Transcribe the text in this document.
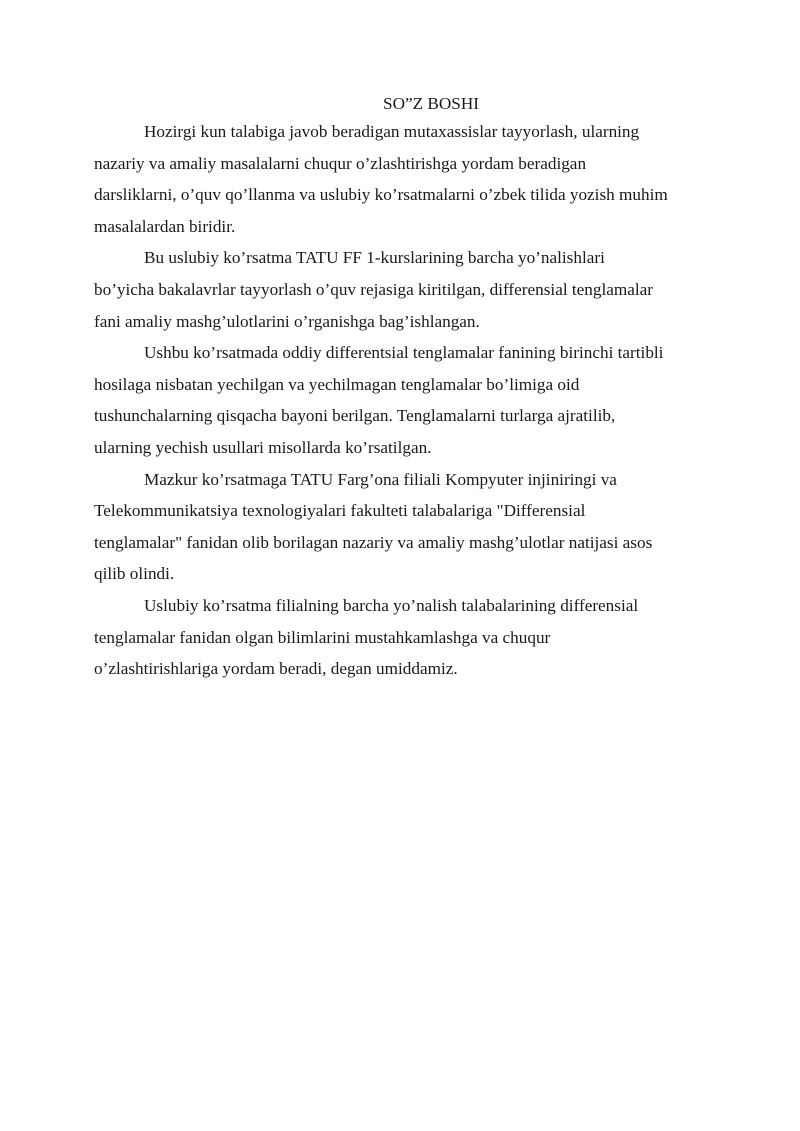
SO”Z BOSHI

Hozirgi kun talabiga javob beradigan mutaxassislar tayyorlash, ularning
nazariy va amaliy masalalarni chuqur o’zlashtirishga yordam beradigan
darsliklarni, o’quv qo’llanma va uslubiy ko’rsatmalarni o’zbek tilida yozish muhim
masalalardan biridir.

Bu uslubiy ko’rsatma TATU FF 1-kurslarining barcha yo’nalishlari
bo’yicha bakalavrlar tayyorlash o’quv rejasiga kiritilgan, differensial tenglamalar
fani amaliy mashg’ulotlarini o’rganishga bag’ishlangan.

Ushbu ko’rsatmada oddiy differentsial tenglamalar fanining birinchi tartibli
hosilaga nisbatan yechilgan va yechilmagan tenglamalar bo’limiga oid
tushunchalarning qisqacha bayoni berilgan. Tenglamalarni turlarga ajratilib,
ularning yechish usullari misollarda ko’rsatilgan.

Mazkur ko’rsatmaga TATU Farg’ona filiali Kompyuter injiniringi va
Telekommunikatsiya texnologiyalari fakulteti talabalariga "Differensial
tenglamalar" fanidan olib borilagan nazariy va amaliy mashg’ulotlar natijasi asos
qilib olindi.

Uslubiy ko’rsatma filialning barcha yo’nalish talabalarining differensial
tenglamalar fanidan olgan bilimlarini mustahkamlashga va chuqur
o’zlashtirishlariga yordam beradi, degan umiddamiz.
